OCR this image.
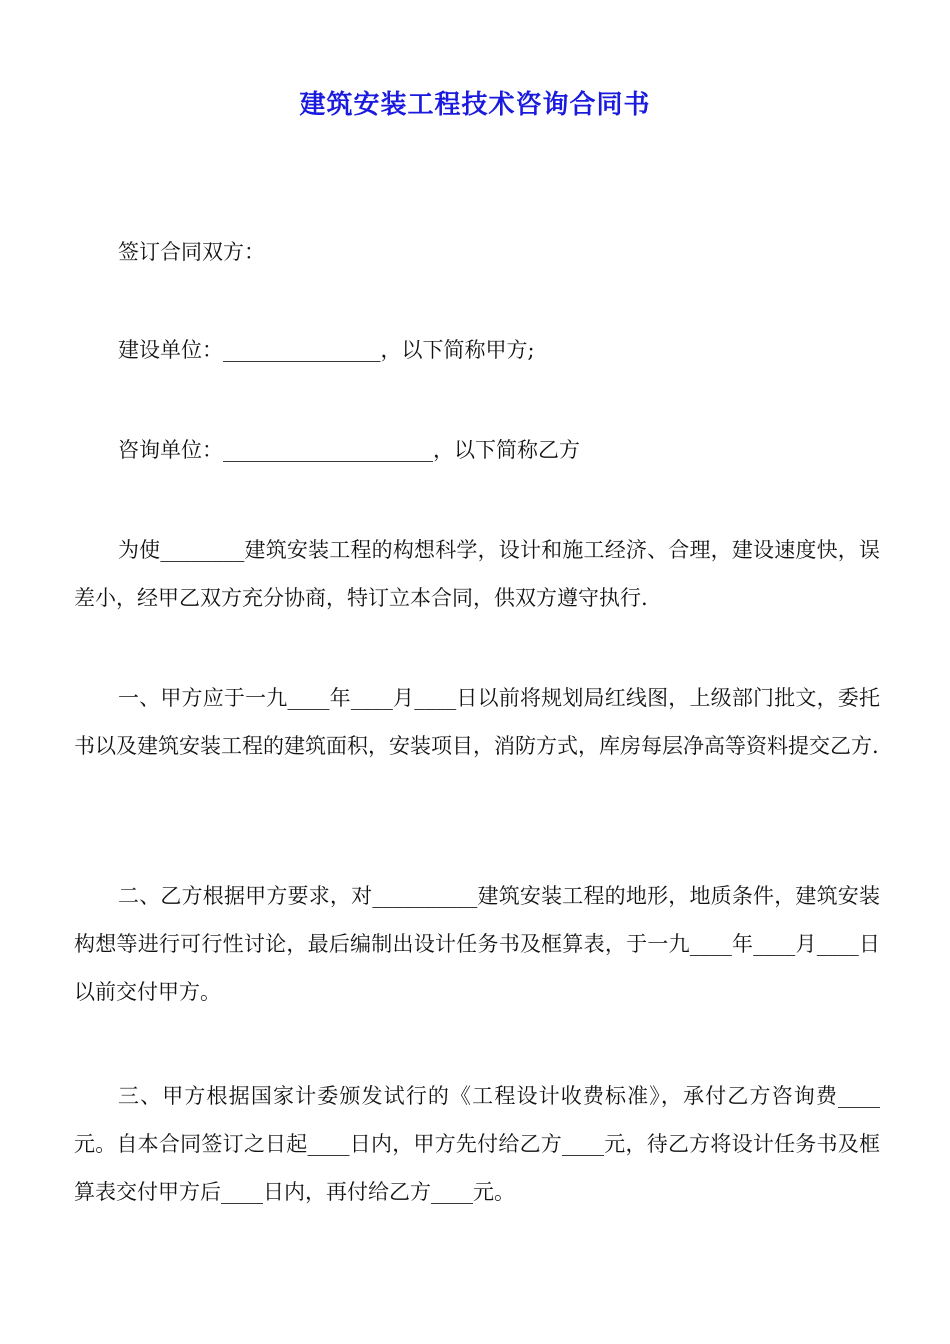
建筑安装工程技术咨询合同书

签订合同双方：

建设单位：_______________，以下简称甲方;

咨询单位：____________________，以下简称乙方

为使________建筑安装工程的构想科学，设计和施工经济、合理，建设速度快，误差小，经甲乙双方充分协商，特订立本合同，供双方遵守执行.

一、甲方应于一九____年____月____日以前将规划局红线图，上级部门批文，委托书以及建筑安装工程的建筑面积，安装项目，消防方式，库房每层净高等资料提交乙方.

二、乙方根据甲方要求，对__________建筑安装工程的地形，地质条件，建筑安装构想等进行可行性讨论，最后编制出设计任务书及框算表，于一九____年____月____日以前交付甲方。

三、甲方根据国家计委颁发试行的《工程设计收费标准》，承付乙方咨询费____元。自本合同签订之日起____日内，甲方先付给乙方____元，待乙方将设计任务书及框算表交付甲方后____日内，再付给乙方____元。
